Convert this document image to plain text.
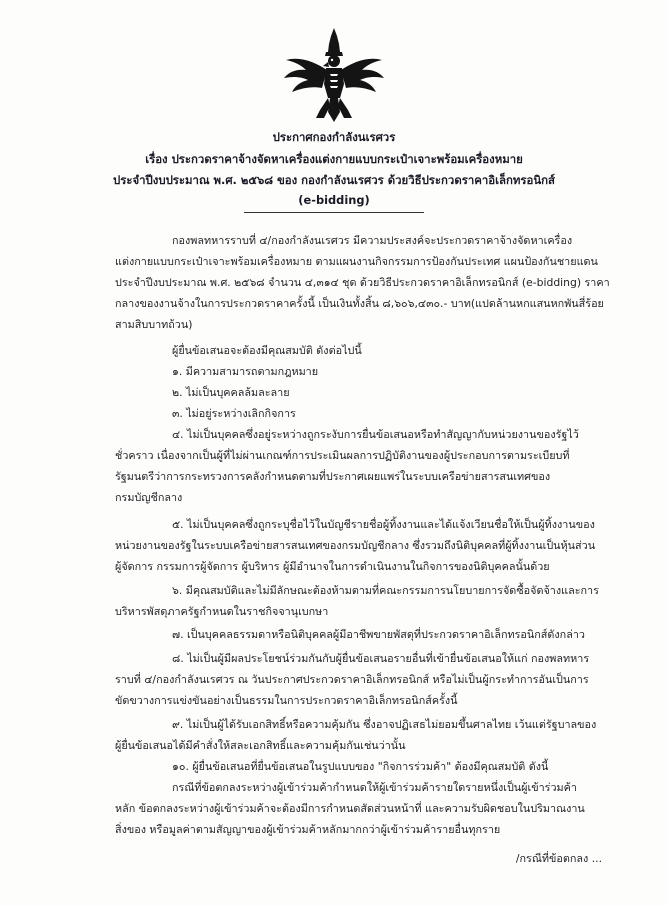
ประกาศกองกำลังนเรศวร
เรื่อง ประกวดราคาจ้างจัดหาเครื่องแต่งกายแบบกระเป๋าเจาะพร้อมเครื่องหมาย
ประจำปีงบประมาณ พ.ศ. ๒๕๖๘ ของ กองกำลังนเรศวร ด้วยวิธีประกวดราคาอิเล็กทรอนิกส์
(e-bidding)
กองพลทหารราบที่ ๔/กองกำลังนเรศวร มีความประสงค์จะประกวดราคาจ้างจัดหาเครื่อง
แต่งกายแบบกระเป๋าเจาะพร้อมเครื่องหมาย ตามแผนงานกิจกรรมการป้องกันประเทศ แผนป้องกันชายแดน
ประจำปีงบประมาณ พ.ศ. ๒๕๖๘ จำนวน ๔,๓๑๔ ชุด ด้วยวิธีประกวดราคาอิเล็กทรอนิกส์ (e-bidding) ราคา
กลางของงานจ้างในการประกวดราคาครั้งนี้ เป็นเงินทั้งสิ้น ๘,๖๐๖,๔๓๐.- บาท(แปดล้านหกแสนหกพันสี่ร้อย
สามสิบบาทถ้วน)
ผู้ยื่นข้อเสนอจะต้องมีคุณสมบัติ ดังต่อไปนี้
๑. มีความสามารถตามกฎหมาย
๒. ไม่เป็นบุคคลล้มละลาย
๓. ไม่อยู่ระหว่างเลิกกิจการ
๔. ไม่เป็นบุคคลซึ่งอยู่ระหว่างถูกระงับการยื่นข้อเสนอหรือทำสัญญากับหน่วยงานของรัฐไว้
ชั่วคราว เนื่องจากเป็นผู้ที่ไม่ผ่านเกณฑ์การประเมินผลการปฏิบัติงานของผู้ประกอบการตามระเบียบที่
รัฐมนตรีว่าการกระทรวงการคลังกำหนดตามที่ประกาศเผยแพร่ในระบบเครือข่ายสารสนเทศของ
กรมบัญชีกลาง
๕. ไม่เป็นบุคคลซึ่งถูกระบุชื่อไว้ในบัญชีรายชื่อผู้ทิ้งงานและได้แจ้งเวียนชื่อให้เป็นผู้ทิ้งงานของ
หน่วยงานของรัฐในระบบเครือข่ายสารสนเทศของกรมบัญชีกลาง ซึ่งรวมถึงนิติบุคคลที่ผู้ทิ้งงานเป็นหุ้นส่วน
ผู้จัดการ กรรมการผู้จัดการ ผู้บริหาร ผู้มีอำนาจในการดำเนินงานในกิจการของนิติบุคคลนั้นด้วย
๖. มีคุณสมบัติและไม่มีลักษณะต้องห้ามตามที่คณะกรรมการนโยบายการจัดซื้อจัดจ้างและการ
บริหารพัสดุภาครัฐกำหนดในราชกิจจานุเบกษา
๗. เป็นบุคคลธรรมดาหรือนิติบุคคลผู้มีอาชีพขายพัสดุที่ประกวดราคาอิเล็กทรอนิกส์ดังกล่าว
๘. ไม่เป็นผู้มีผลประโยชน์ร่วมกันกับผู้ยื่นข้อเสนอรายอื่นที่เข้ายื่นข้อเสนอให้แก่ กองพลทหาร
ราบที่ ๔/กองกำลังนเรศวร ณ วันประกาศประกวดราคาอิเล็กทรอนิกส์ หรือไม่เป็นผู้กระทำการอันเป็นการ
ขัดขวางการแข่งขันอย่างเป็นธรรมในการประกวดราคาอิเล็กทรอนิกส์ครั้งนี้
๙. ไม่เป็นผู้ได้รับเอกสิทธิ์หรือความคุ้มกัน ซึ่งอาจปฏิเสธไม่ยอมขึ้นศาลไทย เว้นแต่รัฐบาลของ
ผู้ยื่นข้อเสนอได้มีคำสั่งให้สละเอกสิทธิ์และความคุ้มกันเช่นว่านั้น
๑๐. ผู้ยื่นข้อเสนอที่ยื่นข้อเสนอในรูปแบบของ "กิจการร่วมค้า" ต้องมีคุณสมบัติ ดังนี้
กรณีที่ข้อตกลงระหว่างผู้เข้าร่วมค้ากำหนดให้ผู้เข้าร่วมค้ารายใดรายหนึ่งเป็นผู้เข้าร่วมค้า
หลัก ข้อตกลงระหว่างผู้เข้าร่วมค้าจะต้องมีการกำหนดสัดส่วนหน้าที่ และความรับผิดชอบในปริมาณงาน
สิ่งของ หรือมูลค่าตามสัญญาของผู้เข้าร่วมค้าหลักมากกว่าผู้เข้าร่วมค้ารายอื่นทุกราย
/กรณีที่ข้อตกลง ...
